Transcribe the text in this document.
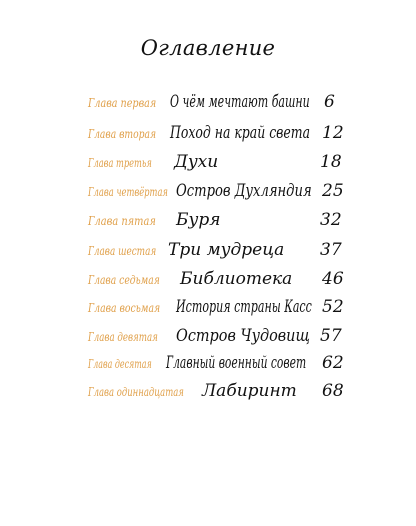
Оглавление
Глава первая О чём мечтают башни 6
Глава вторая Поход на край света 12
Глава третья Духи	18
Глава четвёртая Остров Духляндия 25
Глава пятая Буря	32
Глава шестая Три мудреца 37
Глава седьмая Библиотека 46
Глава восьмая История страны Касс 52
Глава девятая Остров Чудовищ 57
Глава десятая Главный военный совет 62
Глава одиннадцатая Лабиринт 68
